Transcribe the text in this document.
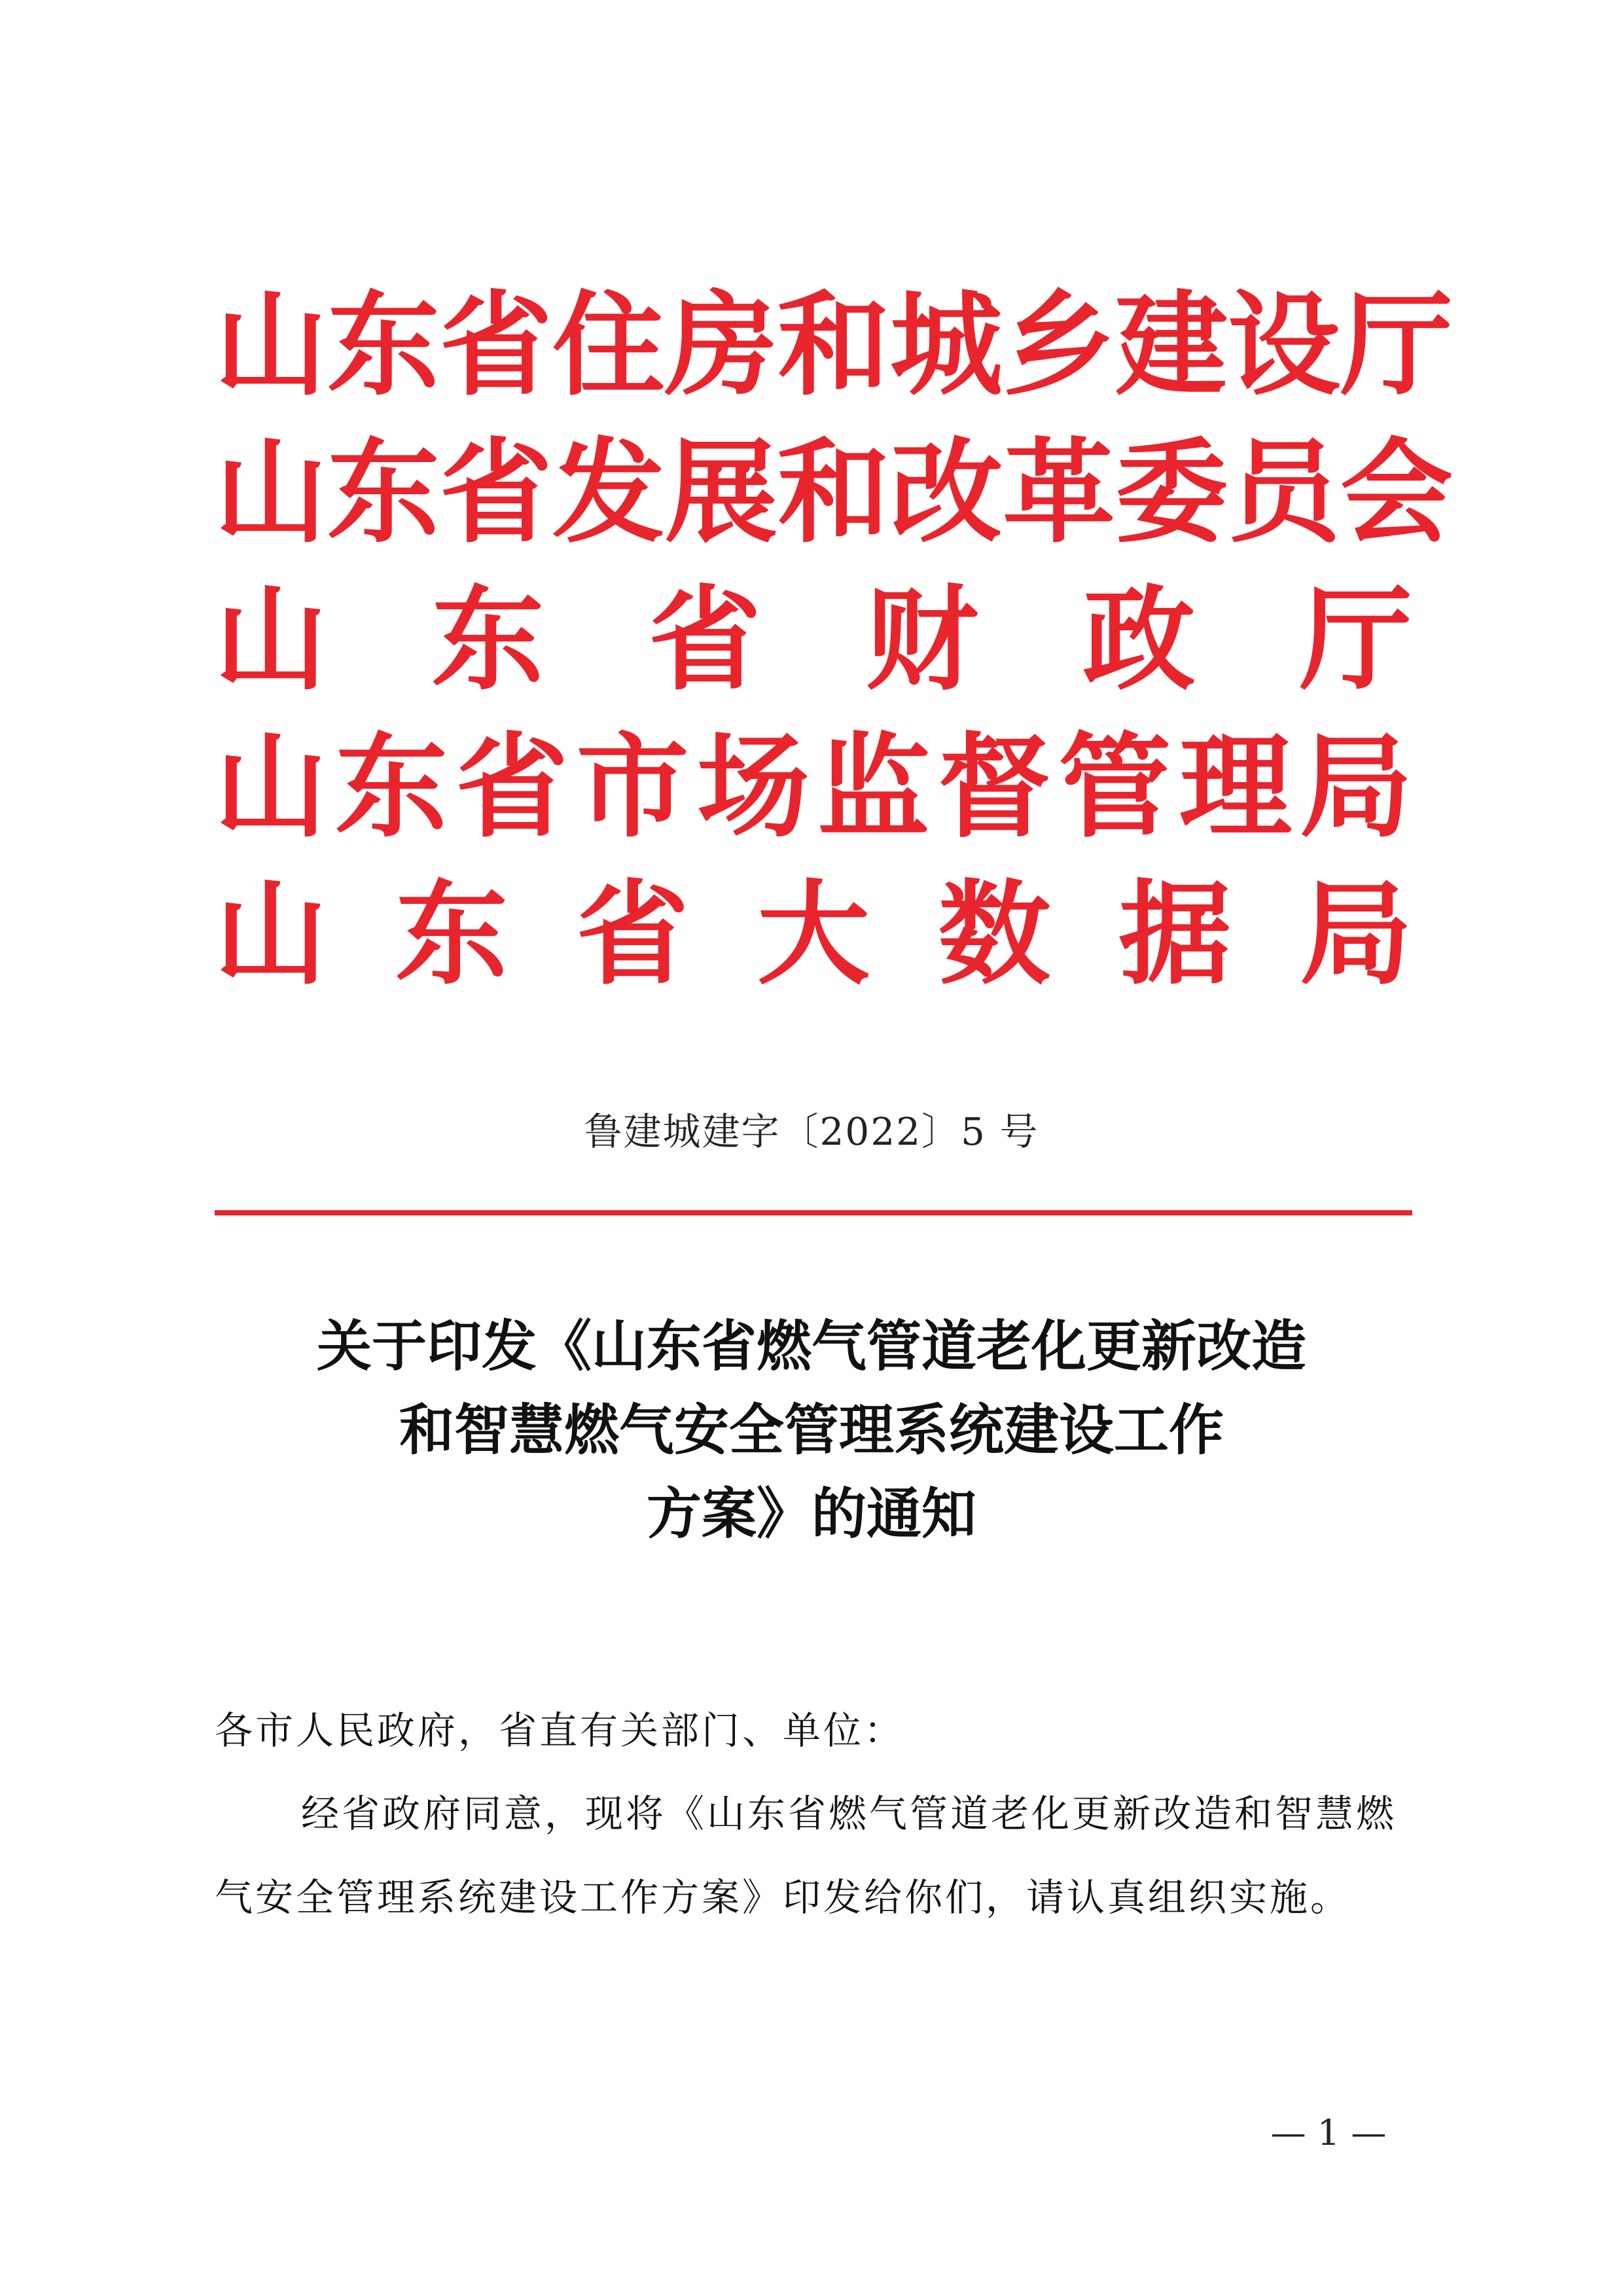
山 东 省 住 房 和 城 乡 建 设 厅
山 东 省 发 展 和 改 革 委 员 会
山 东 省 财 政 厅
山 东 省 市 场 监 督 管 理 局
山 东 省 大 数 据 局
鲁建城建字〔2022〕5 号
关于印发《山东省燃气管道老化更新改造
和智慧燃气安全管理系统建设工作
方案》的通知
各市人民政府，省直有关部门、单位：
经省政府同意，现将《山东省燃气管道老化更新改造和智慧燃
气安全管理系统建设工作方案》印发给你们，请认真组织实施。
— 1 —
